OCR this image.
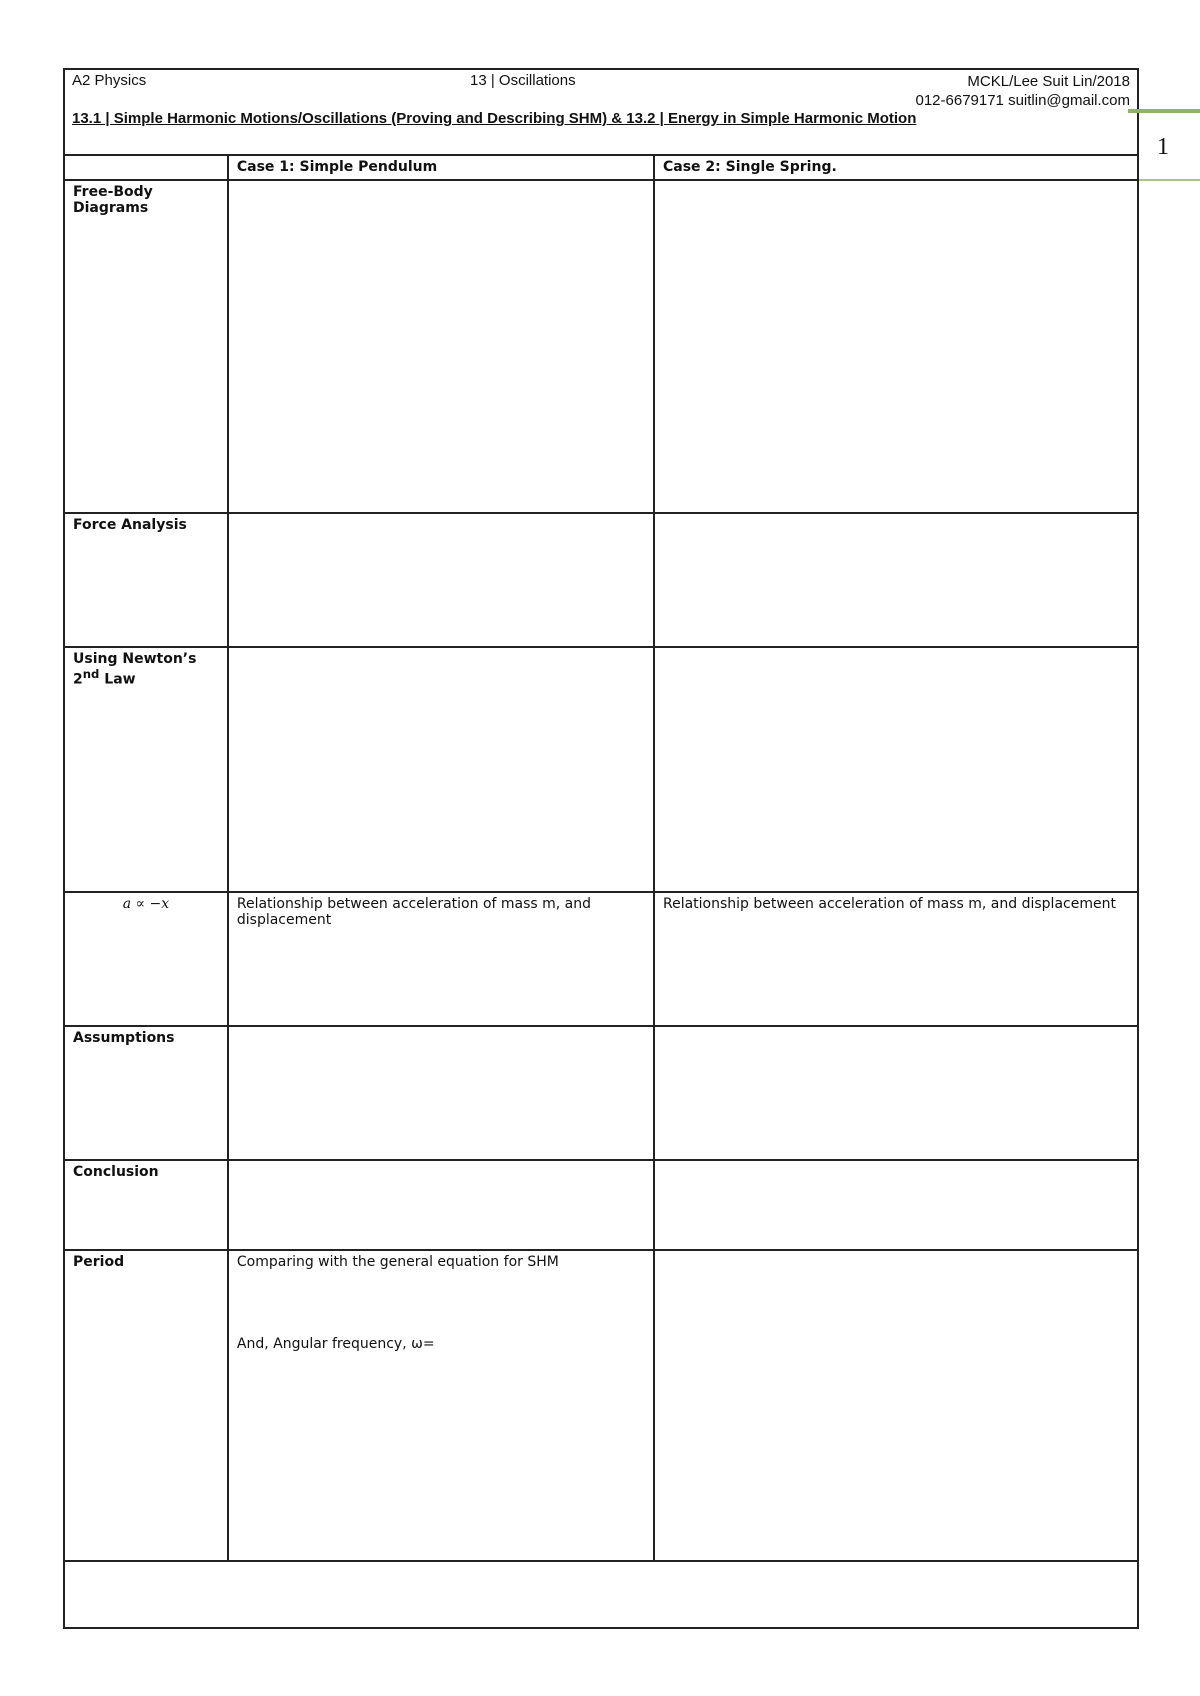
A2 Physics	13 | Oscillations	MCKL/Lee Suit Lin/2018
012-6679171 suitlin@gmail.com
13.1 | Simple Harmonic Motions/Oscillations (Proving and Describing SHM) & 13.2 | Energy in Simple Harmonic Motion
1
	Case 1: Simple Pendulum	Case 2: Single Spring.
Free-Body Diagrams		
Force Analysis		
Using Newton’s 2nd Law		

a ∝ −x	Relationship between acceleration of mass m, and displacement	Relationship between acceleration of mass m, and displacement
Assumptions		
Conclusion		
Period	Comparing with the general equation for SHM
And, Angular frequency, ω=	
